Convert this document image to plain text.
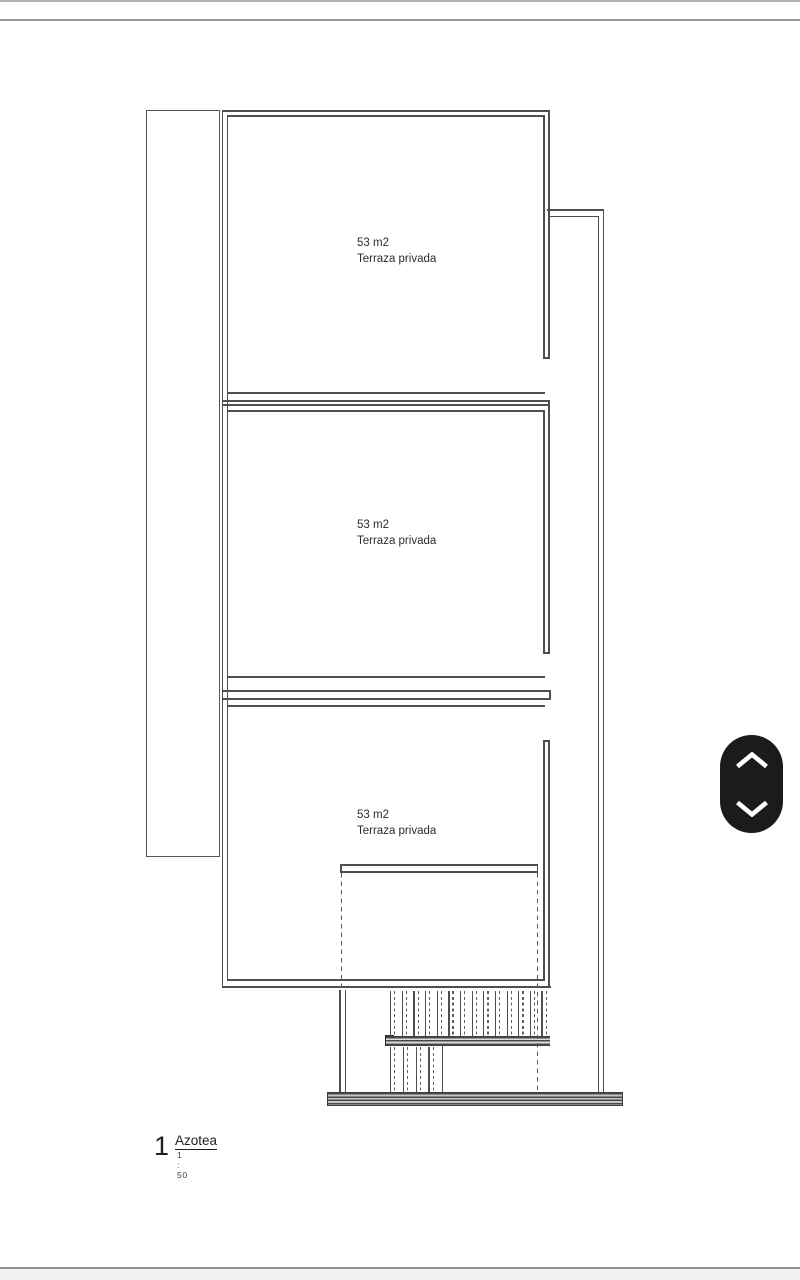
53 m2
Terraza privada
53 m2
Terraza privada
53 m2
Terraza privada
1 Azotea
1 : 50
